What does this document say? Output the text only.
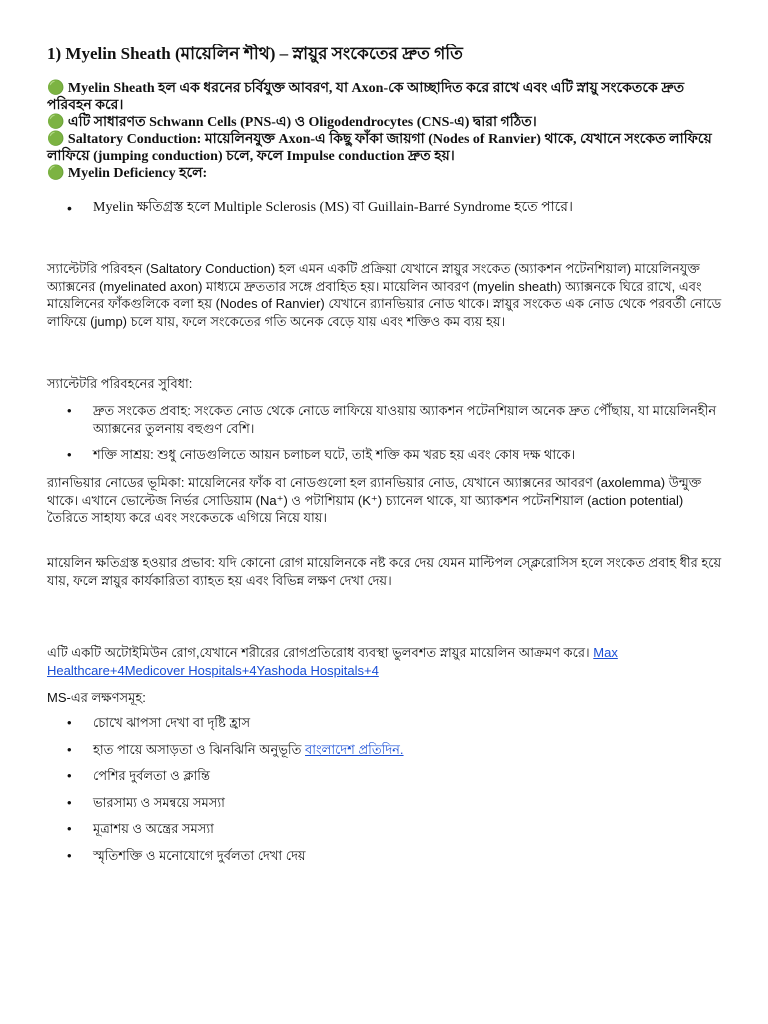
1) Myelin Sheath (মায়েলিন শীথ) – স্নায়ুর সংকেতের দ্রুত গতি

🟢 Myelin Sheath হল এক ধরনের চর্বিযুক্ত আবরণ, যা Axon-কে আচ্ছাদিত করে রাখে এবং এটি স্নায়ু সংকেতকে দ্রুত পরিবহন করে।

🟢 এটি সাধারণত Schwann Cells (PNS-এ) ও Oligodendrocytes (CNS-এ) দ্বারা গঠিত।

🟢 Saltatory Conduction: মায়েলিনযুক্ত Axon-এ কিছু ফাঁকা জায়গা (Nodes of Ranvier) থাকে, যেখানে সংকেত লাফিয়ে লাফিয়ে (jumping conduction) চলে, ফলে Impulse conduction দ্রুত হয়।

🟢 Myelin Deficiency হলে:

• Myelin ক্ষতিগ্রস্ত হলে Multiple Sclerosis (MS) বা Guillain-Barré Syndrome হতে পারে।

স্যাল্টেটরি পরিবহন (Saltatory Conduction) হল এমন একটি প্রক্রিয়া যেখানে স্নায়ুর সংকেত (অ্যাকশন পটেনশিয়াল) মায়েলিনযুক্ত অ্যাক্সনের (myelinated axon) মাধ্যমে দ্রুততার সঙ্গে প্রবাহিত হয়। মায়েলিন আবরণ (myelin sheath) অ্যাক্সনকে ঘিরে রাখে, এবং মায়েলিনের ফাঁকগুলিকে বলা হয় (Nodes of Ranvier) যেখানে র‍্যানভিয়ার নোড থাকে। স্নায়ুর সংকেত এক নোড থেকে পরবর্তী নোডে লাফিয়ে (jump) চলে যায়, ফলে সংকেতের গতি অনেক বেড়ে যায় এবং শক্তিও কম ব্যয় হয়।

স্যাল্টেটরি পরিবহনের সুবিধা:

• দ্রুত সংকেত প্রবাহ: সংকেত নোড থেকে নোডে লাফিয়ে যাওয়ায় অ্যাকশন পটেনশিয়াল অনেক দ্রুত পৌঁছায়, যা মায়েলিনহীন অ্যাক্সনের তুলনায় বহুগুণ বেশি।
• শক্তি সাশ্রয়: শুধু নোডগুলিতে আয়ন চলাচল ঘটে, তাই শক্তি কম খরচ হয় এবং কোষ দক্ষ থাকে।

র‍্যানভিয়ার নোডের ভূমিকা: মায়েলিনের ফাঁক বা নোডগুলো হল র‍্যানভিয়ার নোড, যেখানে অ্যাক্সনের আবরণ (axolemma) উন্মুক্ত থাকে। এখানে ভোল্টেজ নির্ভর সোডিয়াম (Na⁺) ও পটাশিয়াম (K⁺) চ্যানেল থাকে, যা অ্যাকশন পটেনশিয়াল (action potential) তৈরিতে সাহায্য করে এবং সংকেতকে এগিয়ে নিয়ে যায়।

মায়েলিন ক্ষতিগ্রস্ত হওয়ার প্রভাব: যদি কোনো রোগ মায়েলিনকে নষ্ট করে দেয় যেমন মাল্টিপল স্ক্লেরোসিস হলে সংকেত প্রবাহ ধীর হয়ে যায়, ফলে স্নায়ুর কার্যকারিতা ব্যাহত হয় এবং বিভিন্ন লক্ষণ দেখা দেয়।

এটি একটি অটোইমিউন রোগ,যেখানে শরীরের রোগপ্রতিরোধ ব্যবস্থা ভুলবশত স্নায়ুর মায়েলিন আক্রমণ করে। Max Healthcare+4Medicover Hospitals+4Yashoda Hospitals+4

MS-এর লক্ষণসমূহ:

• চোখে ঝাপসা দেখা বা দৃষ্টি হ্রাস
• হাত পায়ে অসাড়তা ও ঝিনঝিনি অনুভূতি বাংলাদেশ প্রতিদিন.
• পেশির দুর্বলতা ও ক্লান্তি
• ভারসাম্য ও সমন্বয়ে সমস্যা
• মূত্রাশয় ও অন্ত্রের সমস্যা
• স্মৃতিশক্তি ও মনোযোগে দুর্বলতা দেখা দেয়
